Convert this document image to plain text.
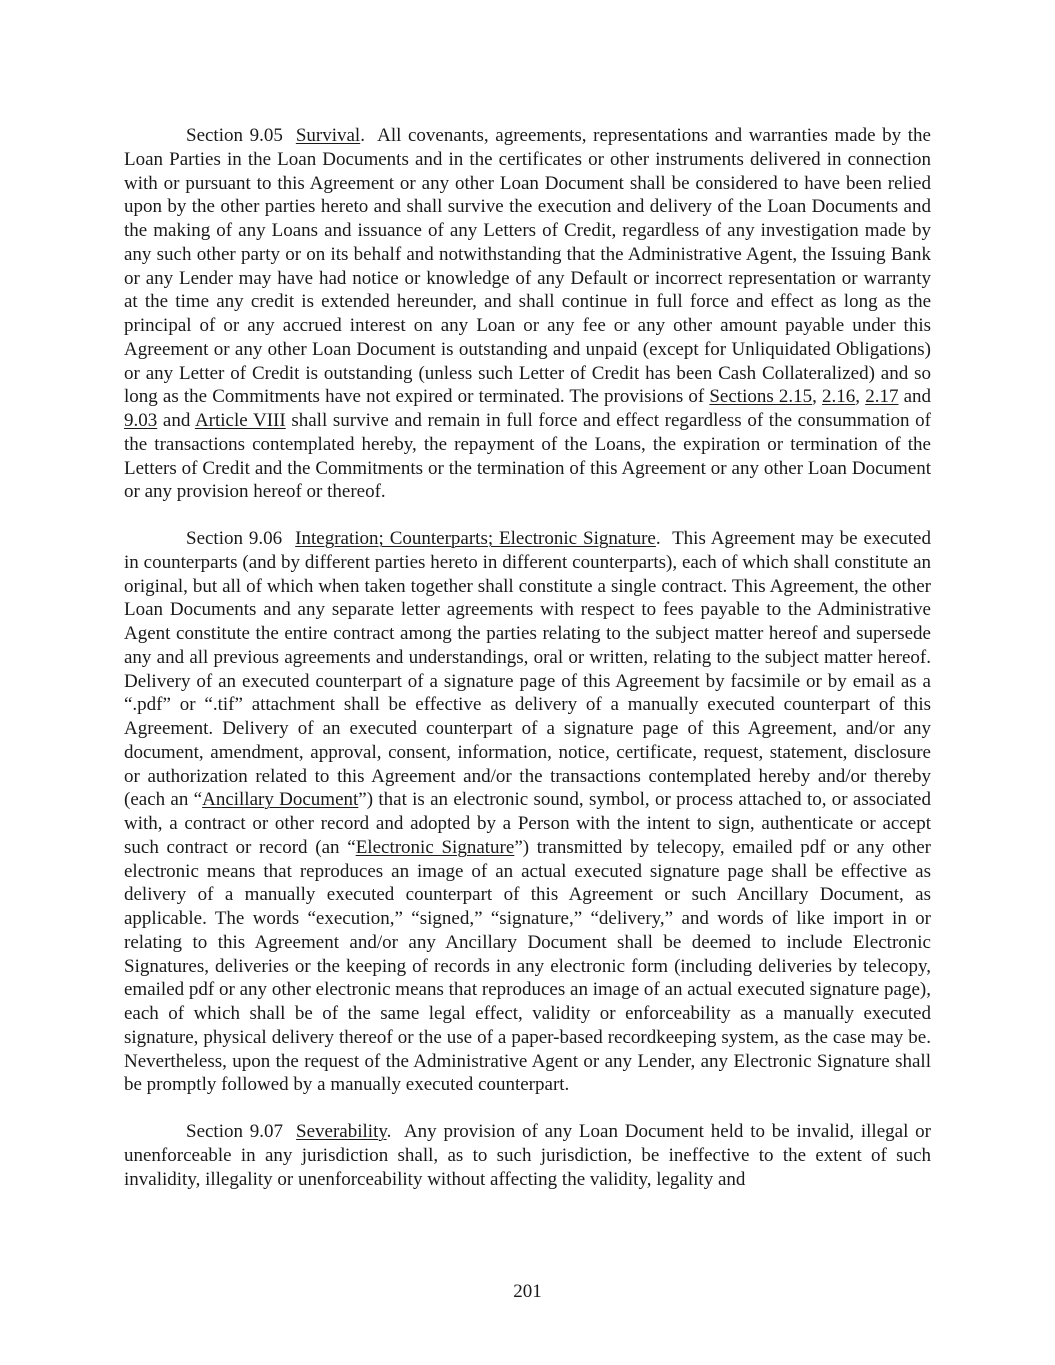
Section 9.05 Survival.  All covenants, agreements, representations and warranties made by the Loan Parties in the Loan Documents and in the certificates or other instruments delivered in connection with or pursuant to this Agreement or any other Loan Document shall be considered to have been relied upon by the other parties hereto and shall survive the execution and delivery of the Loan Documents and the making of any Loans and issuance of any Letters of Credit, regardless of any investigation made by any such other party or on its behalf and notwithstanding that the Administrative Agent, the Issuing Bank or any Lender may have had notice or knowledge of any Default or incorrect representation or warranty at the time any credit is extended hereunder, and shall continue in full force and effect as long as the principal of or any accrued interest on any Loan or any fee or any other amount payable under this Agreement or any other Loan Document is outstanding and unpaid (except for Unliquidated Obligations) or any Letter of Credit is outstanding (unless such Letter of Credit has been Cash Collateralized) and so long as the Commitments have not expired or terminated. The provisions of Sections 2.15, 2.16, 2.17 and 9.03 and Article VIII shall survive and remain in full force and effect regardless of the consummation of the transactions contemplated hereby, the repayment of the Loans, the expiration or termination of the Letters of Credit and the Commitments or the termination of this Agreement or any other Loan Document or any provision hereof or thereof.

Section 9.06 Integration; Counterparts; Electronic Signature.  This Agreement may be executed in counterparts (and by different parties hereto in different counterparts), each of which shall constitute an original, but all of which when taken together shall constitute a single contract. This Agreement, the other Loan Documents and any separate letter agreements with respect to fees payable to the Administrative Agent constitute the entire contract among the parties relating to the subject matter hereof and supersede any and all previous agreements and understandings, oral or written, relating to the subject matter hereof. Delivery of an executed counterpart of a signature page of this Agreement by facsimile or by email as a “.pdf” or “.tif” attachment shall be effective as delivery of a manually executed counterpart of this Agreement. Delivery of an executed counterpart of a signature page of this Agreement, and/or any document, amendment, approval, consent, information, notice, certificate, request, statement, disclosure or authorization related to this Agreement and/or the transactions contemplated hereby and/or thereby (each an “Ancillary Document”) that is an electronic sound, symbol, or process attached to, or associated with, a contract or other record and adopted by a Person with the intent to sign, authenticate or accept such contract or record (an “Electronic Signature”) transmitted by telecopy, emailed pdf or any other electronic means that reproduces an image of an actual executed signature page shall be effective as delivery of a manually executed counterpart of this Agreement or such Ancillary Document, as applicable. The words “execution,” “signed,” “signature,” “delivery,” and words of like import in or relating to this Agreement and/or any Ancillary Document shall be deemed to include Electronic Signatures, deliveries or the keeping of records in any electronic form (including deliveries by telecopy, emailed pdf or any other electronic means that reproduces an image of an actual executed signature page), each of which shall be of the same legal effect, validity or enforceability as a manually executed signature, physical delivery thereof or the use of a paper-based recordkeeping system, as the case may be. Nevertheless, upon the request of the Administrative Agent or any Lender, any Electronic Signature shall be promptly followed by a manually executed counterpart.

Section 9.07 Severability.  Any provision of any Loan Document held to be invalid, illegal or unenforceable in any jurisdiction shall, as to such jurisdiction, be ineffective to the extent of such invalidity, illegality or unenforceability without affecting the validity, legality and

201
